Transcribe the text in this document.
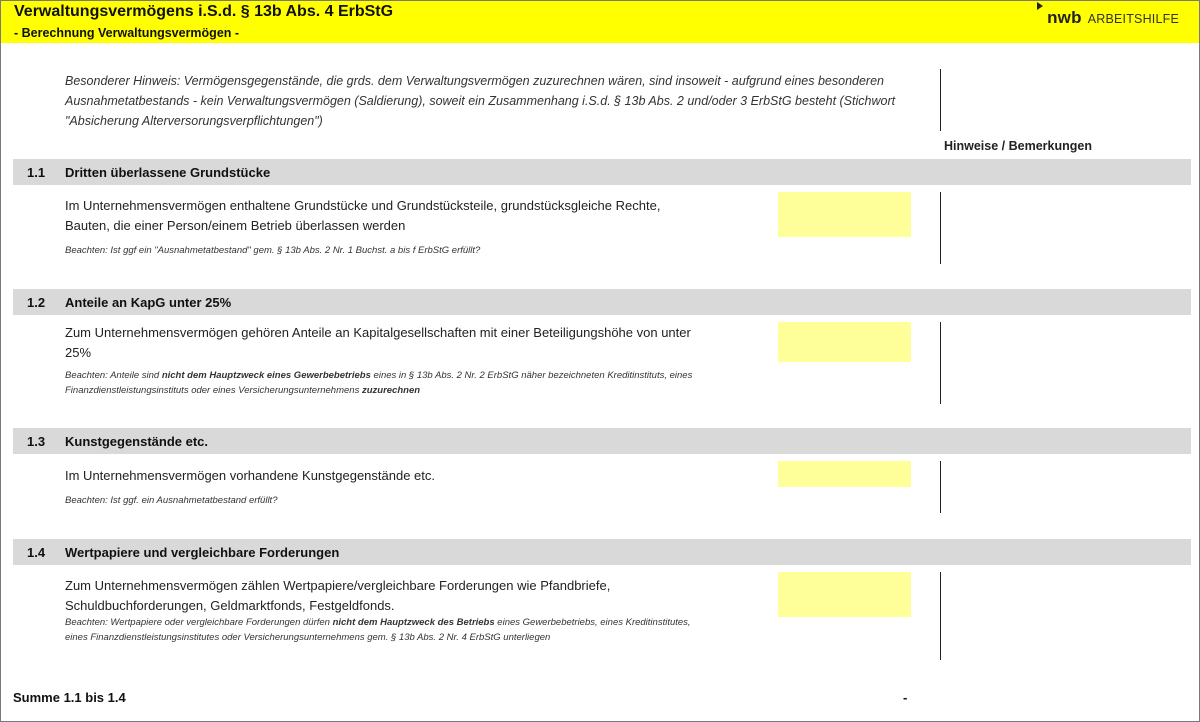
Verwaltungsvermögens i.S.d. § 13b Abs. 4 ErbStG
- Berechnung Verwaltungsvermögen -
nwb ARBEITSHILFE
Besonderer Hinweis: Vermögensgegenstände, die grds. dem Verwaltungsvermögen zuzurechnen wären, sind insoweit - aufgrund eines besonderen Ausnahmetatbestands - kein Verwaltungsvermögen (Saldierung), soweit ein Zusammenhang i.S.d. § 13b Abs. 2 und/oder 3 ErbStG besteht (Stichwort "Absicherung Alterversorungsverpflichtungen")
Hinweise / Bemerkungen
1.1 Dritten überlassene Grundstücke
Im Unternehmensvermögen enthaltene Grundstücke und Grundstücksteile, grundstücksgleiche Rechte, Bauten, die einer Person/einem Betrieb überlassen werden
Beachten: Ist ggf ein "Ausnahmetatbestand" gem. § 13b Abs. 2 Nr. 1 Buchst. a bis f ErbStG erfüllt?
1.2 Anteile an KapG unter 25%
Zum Unternehmensvermögen gehören Anteile an Kapitalgesellschaften mit einer Beteiligungshöhe von unter 25%
Beachten: Anteile sind nicht dem Hauptzweck eines Gewerbebetriebs eines in § 13b Abs. 2 Nr. 2 ErbStG näher bezeichneten Kreditinstituts, eines Finanzdienstleistungsinstituts oder eines Versicherungsunternehmens zuzurechnen
1.3 Kunstgegenstände etc.
Im Unternehmensvermögen vorhandene Kunstgegenstände etc.
Beachten: Ist ggf. ein Ausnahmetatbestand erfüllt?
1.4 Wertpapiere und vergleichbare Forderungen
Zum Unternehmensvermögen zählen Wertpapiere/vergleichbare Forderungen wie Pfandbriefe, Schuldbuchforderungen, Geldmarktfonds, Festgeldfonds.
Beachten: Wertpapiere oder vergleichbare Forderungen dürfen nicht dem Hauptzweck des Betriebs eines Gewerbebetriebs, eines Kreditinstitutes, eines Finanzdienstleistungsinstitutes oder Versicherungsunternehmens gem. § 13b Abs. 2 Nr. 4 ErbStG unterliegen
Summe 1.1 bis 1.4	-
